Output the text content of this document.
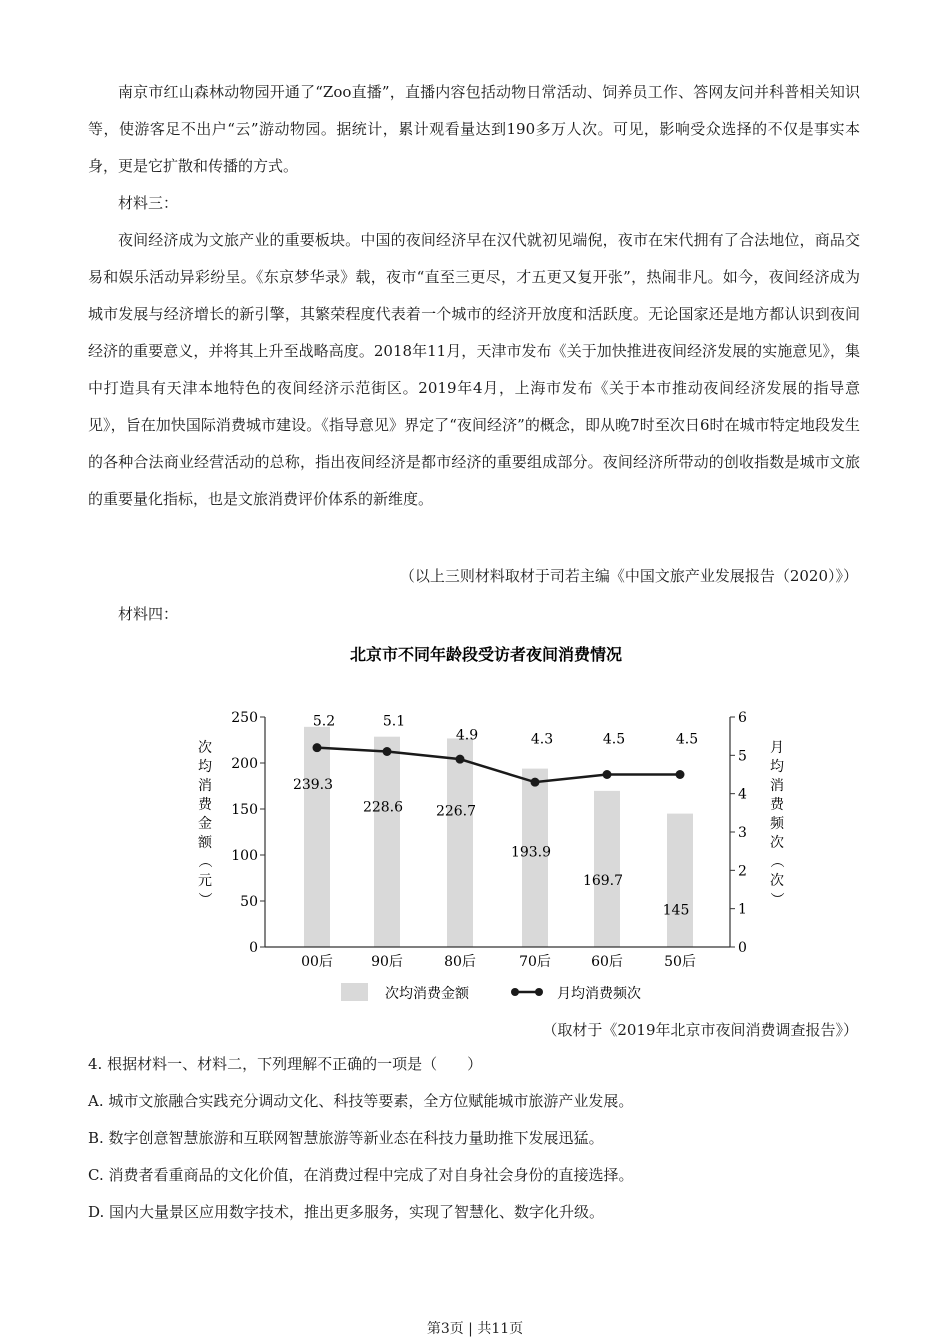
南京市红山森林动物园开通了“Zoo直播”，直播内容包括动物日常活动、饲养员工作、答网友问并科普相关知识等，使游客足不出户“云”游动物园。据统计，累计观看量达到190多万人次。可见，影响受众选择的不仅是事实本身，更是它扩散和传播的方式。

材料三：

夜间经济成为文旅产业的重要板块。中国的夜间经济早在汉代就初见端倪，夜市在宋代拥有了合法地位，商品交易和娱乐活动异彩纷呈。《东京梦华录》载，夜市“直至三更尽，才五更又复开张”，热闹非凡。如今，夜间经济成为城市发展与经济增长的新引擎，其繁荣程度代表着一个城市的经济开放度和活跃度。无论国家还是地方都认识到夜间经济的重要意义，并将其上升至战略高度。2018年11月，天津市发布《关于加快推进夜间经济发展的实施意见》，集中打造具有天津本地特色的夜间经济示范街区。2019年4月，上海市发布《关于本市推动夜间经济发展的指导意见》，旨在加快国际消费城市建设。《指导意见》界定了“夜间经济”的概念，即从晚7时至次日6时在城市特定地段发生的各种合法商业经营活动的总称，指出夜间经济是都市经济的重要组成部分。夜间经济所带动的创收指数是城市文旅的重要量化指标，也是文旅消费评价体系的新维度。

（以上三则材料取材于司若主编《中国文旅产业发展报告（2020）》）

材料四：

北京市不同年龄段受访者夜间消费情况
次
均
消
费
金
额
（
元
）
月
均
消
费
频
次
（
次
）
0
50
100
150
200
250
0
1
2
3
4
5
6
239.3
228.6 226.7
193.9
169.7
145
00后	90后	80后	70后	60后	50后
5.2	5.1
4.9	4.3	4.5	4.5
次均消费金额	月均消费频次

（取材于《2019年北京市夜间消费调查报告》）

4. 根据材料一、材料二，下列理解不正确的一项是（　　）

A. 城市文旅融合实践充分调动文化、科技等要素，全方位赋能城市旅游产业发展。

B. 数字创意智慧旅游和互联网智慧旅游等新业态在科技力量助推下发展迅猛。

C. 消费者看重商品的文化价值，在消费过程中完成了对自身社会身份的直接选择。

D. 国内大量景区应用数字技术，推出更多服务，实现了智慧化、数字化升级。

第3页 | 共11页
